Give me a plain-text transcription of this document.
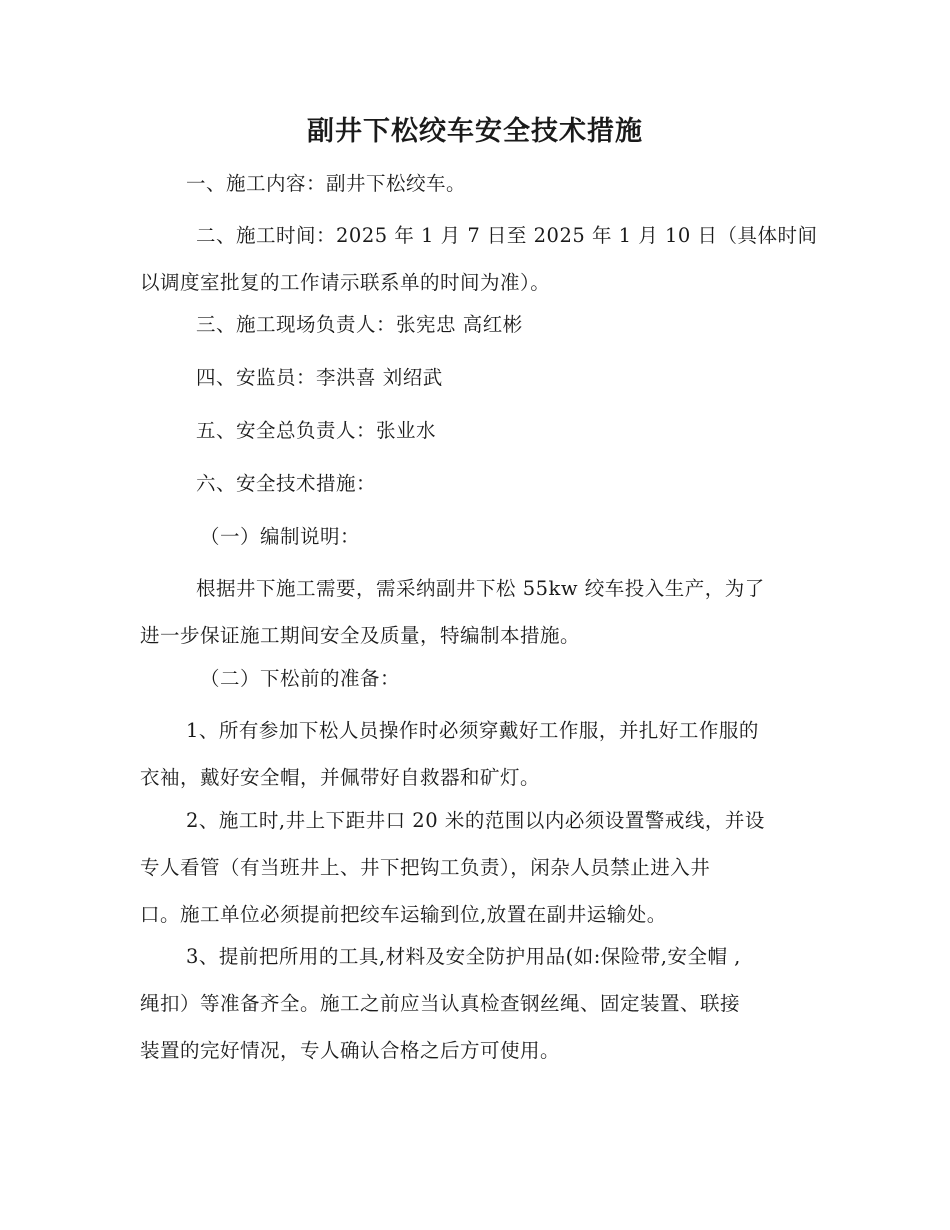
副井下松绞车安全技术措施
一、施工内容：副井下松绞车。
二、施工时间：2025 年 1 月 7 日至 2025 年 1 月 10 日（具体时间
以调度室批复的工作请示联系单的时间为准）。
三、施工现场负责人：张宪忠 高红彬
四、安监员：李洪喜 刘绍武
五、安全总负责人：张业水
六、安全技术措施：
（一）编制说明：
根据井下施工需要，需采纳副井下松 55kw 绞车投入生产，为了
进一步保证施工期间安全及质量，特编制本措施。
（二）下松前的准备：
1、所有参加下松人员操作时必须穿戴好工作服，并扎好工作服的
衣袖，戴好安全帽，并佩带好自救器和矿灯。
2、施工时,井上下距井口 20 米的范围以内必须设置警戒线，并设
专人看管（有当班井上、井下把钩工负责），闲杂人员禁止进入井
口。施工单位必须提前把绞车运输到位,放置在副井运输处。
3、提前把所用的工具,材料及安全防护用品(如:保险带,安全帽 ,
绳扣）等准备齐全。施工之前应当认真检查钢丝绳、固定装置、联接
装置的完好情况，专人确认合格之后方可使用。
